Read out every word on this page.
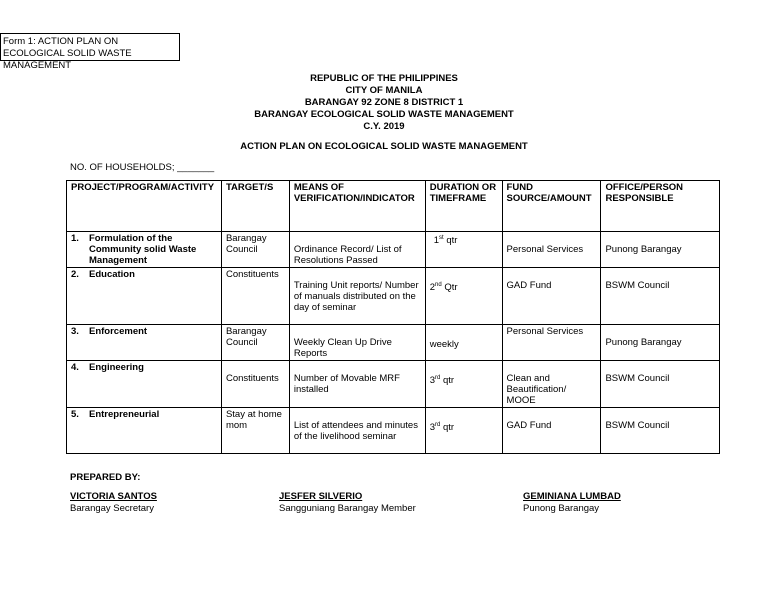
Form 1: ACTION PLAN ON ECOLOGICAL SOLID WASTE MANAGEMENT
REPUBLIC OF THE PHILIPPINES
CITY OF MANILA
BARANGAY 92 ZONE 8 DISTRICT 1
BARANGAY ECOLOGICAL SOLID WASTE MANAGEMENT
C.Y. 2019
ACTION PLAN ON ECOLOGICAL SOLID WASTE MANAGEMENT
NO. OF HOUSEHOLDS; _______
PROJECT/PROGRAM/ACTIVITY	TARGET/S	MEANS OF VERIFICATION/INDICATOR	DURATION OR TIMEFRAME	FUND SOURCE/AMOUNT	OFFICE/PERSON RESPONSIBLE
1. Formulation of the Community solid Waste Management	Barangay Council	Ordinance Record/ List of Resolutions Passed	1st qtr	Personal Services	Punong Barangay
2. Education	Constituents	Training Unit reports/ Number of manuals distributed on the day of seminar	2nd Qtr	GAD Fund	BSWM Council
3. Enforcement	Barangay Council	Weekly Clean Up Drive Reports	weekly	Personal Services	Punong Barangay
4. Engineering	Constituents	Number of Movable MRF installed	3rd qtr	Clean and Beautification/ MOOE	BSWM Council
5. Entrepreneurial	Stay at home mom	List of attendees and minutes of the livelihood seminar	3rd qtr	GAD Fund	BSWM Council
PREPARED BY:
VICTORIA SANTOS
Barangay Secretary
JESFER SILVERIO
Sangguniang Barangay Member
GEMINIANA LUMBAD
Punong Barangay
